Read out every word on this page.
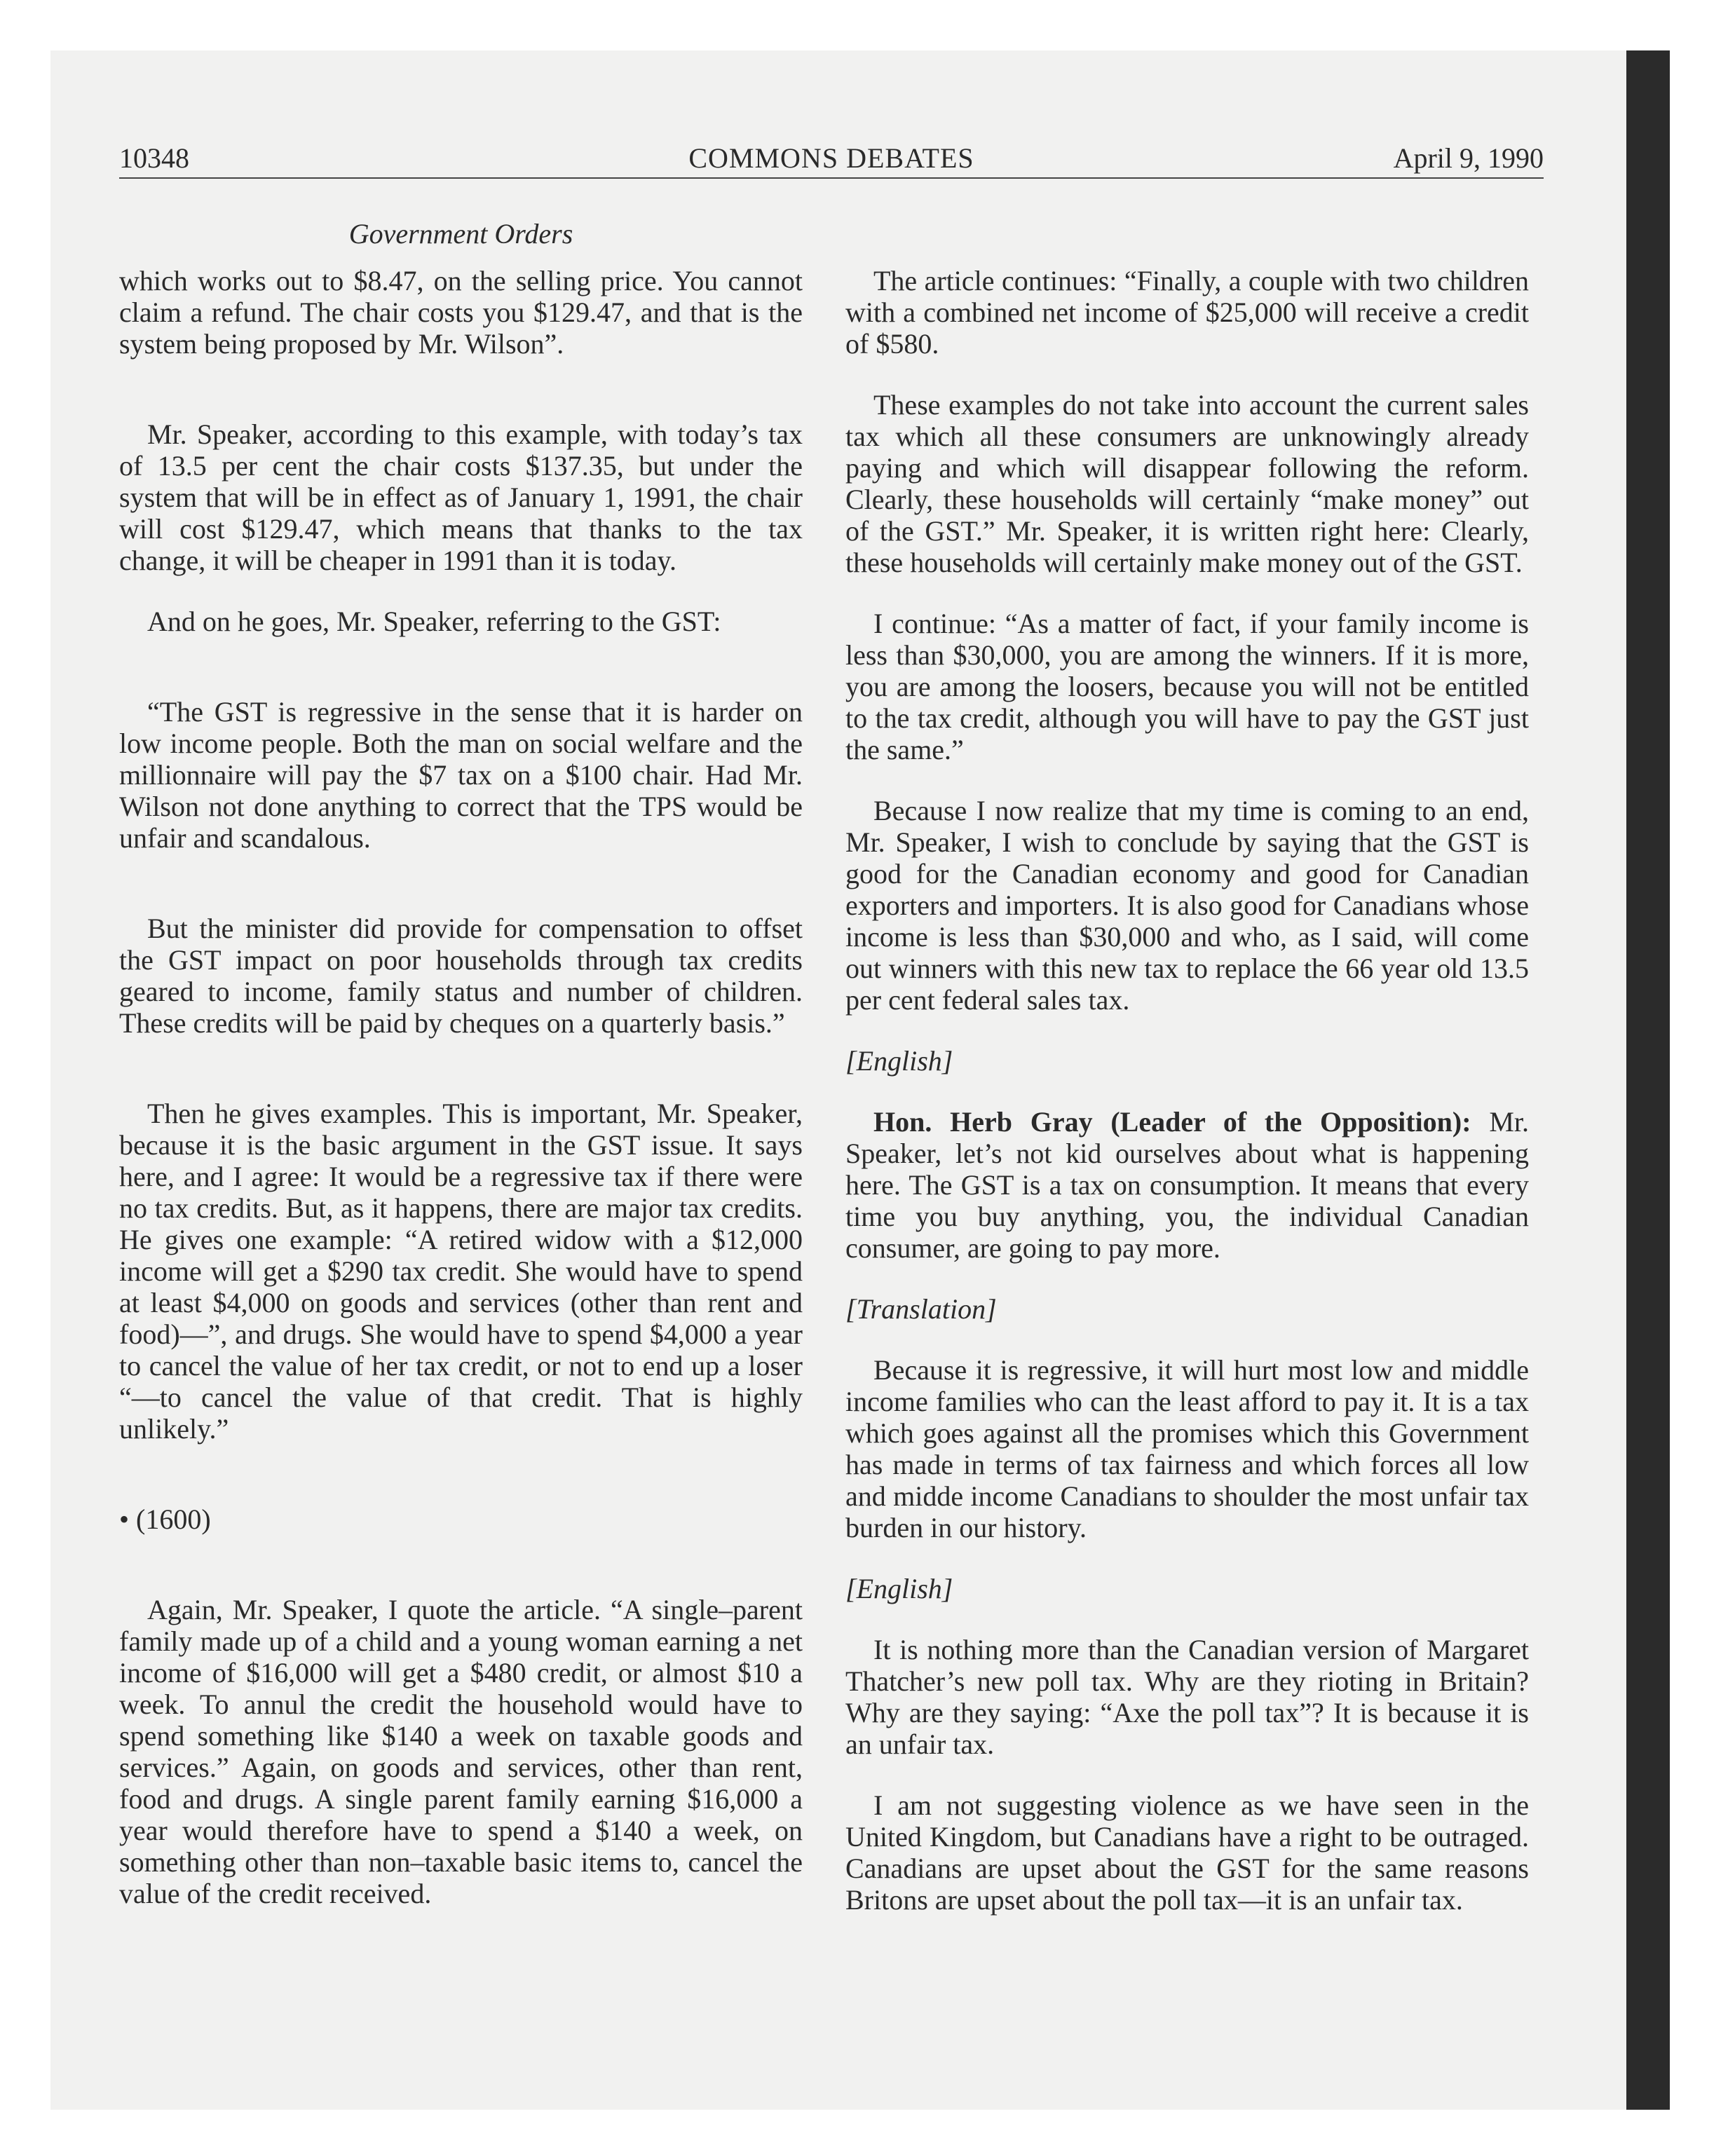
10348	COMMONS DEBATES	April 9, 1990
Government Orders

which works out to $8.47, on the selling price. You cannot claim a refund. The chair costs you $129.47, and that is the system being proposed by Mr. Wilson”.

Mr. Speaker, according to this example, with today’s tax of 13.5 per cent the chair costs $137.35, but under the system that will be in effect as of January 1, 1991, the chair will cost $129.47, which means that thanks to the tax change, it will be cheaper in 1991 than it is today.

And on he goes, Mr. Speaker, referring to the GST:

“The GST is regressive in the sense that it is harder on low income people. Both the man on social welfare and the millionnaire will pay the $7 tax on a $100 chair. Had Mr. Wilson not done anything to correct that the TPS would be unfair and scandalous.

But the minister did provide for compensation to offset the GST impact on poor households through tax credits geared to income, family status and number of children. These credits will be paid by cheques on a quarterly basis.”

Then he gives examples. This is important, Mr. Speaker, because it is the basic argument in the GST issue. It says here, and I agree: It would be a regressive tax if there were no tax credits. But, as it happens, there are major tax credits. He gives one example: “A retired widow with a $12,000 income will get a $290 tax credit. She would have to spend at least $4,000 on goods and services (other than rent and food)—”, and drugs. She would have to spend $4,000 a year to cancel the value of her tax credit, or not to end up a loser “—to cancel the value of that credit. That is highly unlikely.”

• (1600)

Again, Mr. Speaker, I quote the article. “A single–parent family made up of a child and a young woman earning a net income of $16,000 will get a $480 credit, or almost $10 a week. To annul the credit the household would have to spend something like $140 a week on taxable goods and services.” Again, on goods and services, other than rent, food and drugs. A single parent family earning $16,000 a year would therefore have to spend a $140 a week, on something other than non–taxable basic items to, cancel the value of the credit received.

The article continues: “Finally, a couple with two children with a combined net income of $25,000 will receive a credit of $580.

These examples do not take into account the current sales tax which all these consumers are unknowingly already paying and which will disappear following the reform. Clearly, these households will certainly “make money” out of the GST.” Mr. Speaker, it is written right here: Clearly, these households will certainly make money out of the GST.

I continue: “As a matter of fact, if your family income is less than $30,000, you are among the winners. If it is more, you are among the loosers, because you will not be entitled to the tax credit, although you will have to pay the GST just the same.”

Because I now realize that my time is coming to an end, Mr. Speaker, I wish to conclude by saying that the GST is good for the Canadian economy and good for Canadian exporters and importers. It is also good for Canadians whose income is less than $30,000 and who, as I said, will come out winners with this new tax to replace the 66 year old 13.5 per cent federal sales tax.

[English]

Hon. Herb Gray (Leader of the Opposition): Mr. Speaker, let’s not kid ourselves about what is happening here. The GST is a tax on consumption. It means that every time you buy anything, you, the individual Canadian consumer, are going to pay more.

[Translation]

Because it is regressive, it will hurt most low and middle income families who can the least afford to pay it. It is a tax which goes against all the promises which this Government has made in terms of tax fairness and which forces all low and midde income Canadians to shoulder the most unfair tax burden in our history.

[English]

It is nothing more than the Canadian version of Margaret Thatcher’s new poll tax. Why are they rioting in Britain? Why are they saying: “Axe the poll tax”? It is because it is an unfair tax.

I am not suggesting violence as we have seen in the United Kingdom, but Canadians have a right to be outraged. Canadians are upset about the GST for the same reasons Britons are upset about the poll tax—it is an unfair tax.
